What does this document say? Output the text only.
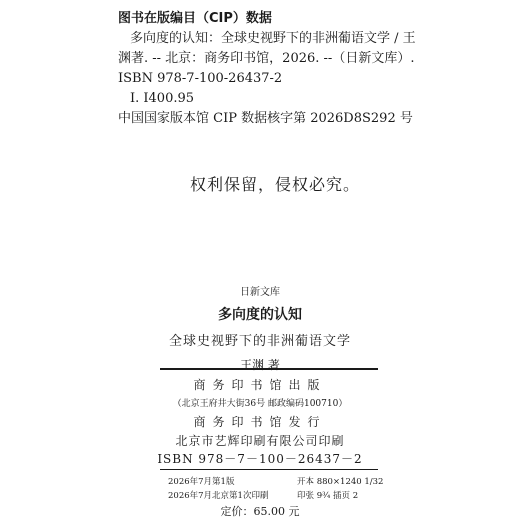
图书在版编目（CIP）数据
多向度的认知：全球史视野下的非洲葡语文学 / 王
渊著. -- 北京：商务印书馆，2026. --（日新文库）.
ISBN 978-7-100-26437-2
I. I400.95
中国国家版本馆 CIP 数据核字第 2026D8S292 号
权利保留，侵权必究。
日新文库
多向度的认知
全球史视野下的非洲葡语文学
王渊 著
商务印书馆出版
（北京王府井大街36号 邮政编码100710）
商务印书馆发行
北京市艺辉印刷有限公司印刷
ISBN 978－7－100－26437－2
2026年7月第1版	开本 880×1240 1/32
2026年7月北京第1次印刷	印张 9¾ 插页 2
定价：65.00 元
